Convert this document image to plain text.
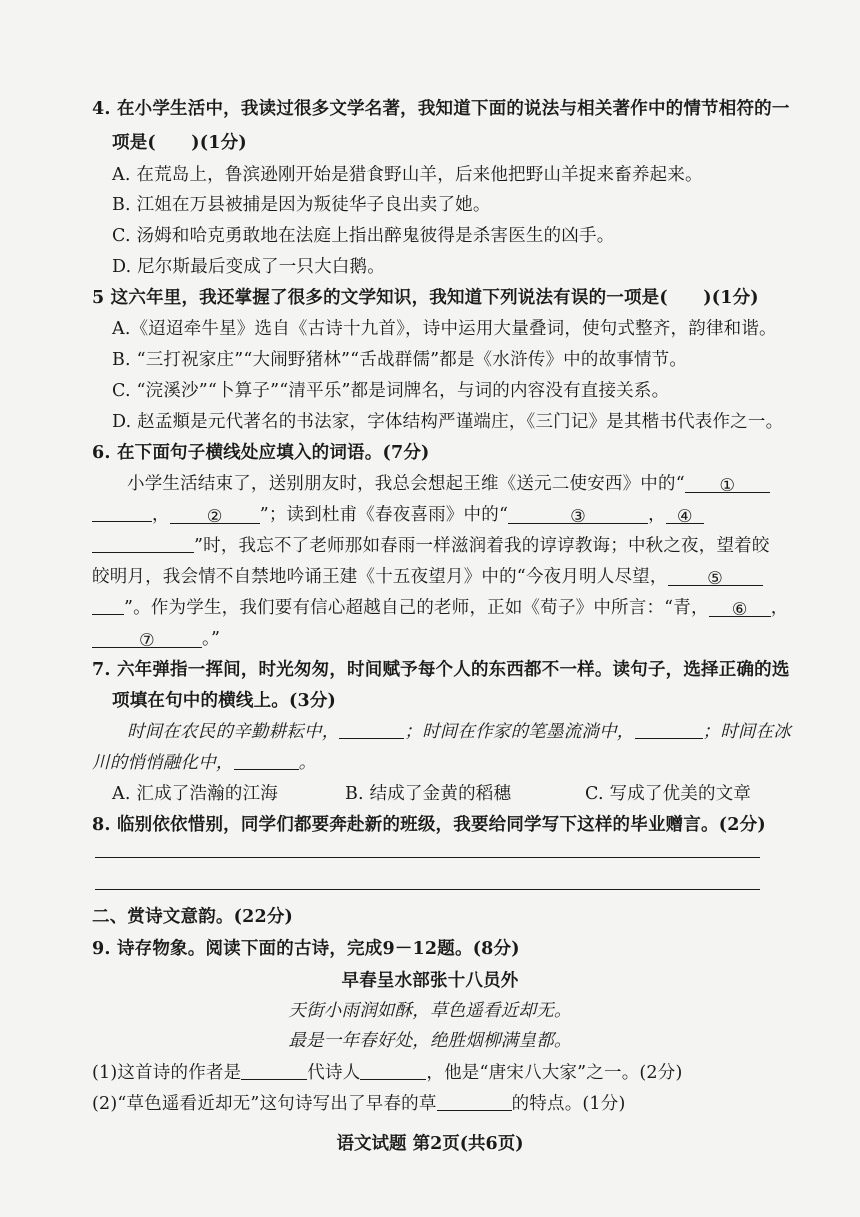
4. 在小学生活中，我读过很多文学名著，我知道下面的说法与相关著作中的情节相符的一
项是(　　)(1分)
A. 在荒岛上，鲁滨逊刚开始是猎食野山羊，后来他把野山羊捉来畜养起来。
B. 江姐在万县被捕是因为叛徒华子良出卖了她。
C. 汤姆和哈克勇敢地在法庭上指出醉鬼彼得是杀害医生的凶手。
D. 尼尔斯最后变成了一只大白鹅。
5 这六年里，我还掌握了很多的文学知识，我知道下列说法有误的一项是(　　)(1分)
A.《迢迢牵牛星》选自《古诗十九首》，诗中运用大量叠词，使句式整齐，韵律和谐。
B. “三打祝家庄”“大闹野猪林”“舌战群儒”都是《水浒传》中的故事情节。
C. “浣溪沙”“卜算子”“清平乐”都是词牌名，与词的内容没有直接关系。
D. 赵孟頫是元代著名的书法家，字体结构严谨端庄，《三门记》是其楷书代表作之一。
6. 在下面句子横线处应填入的词语。(7分)
小学生活结束了，送别朋友时，我总会想起王维《送元二使安西》中的“ ①
， ② ”；读到杜甫《春夜喜雨》中的“	③	， ④
”时，我忘不了老师那如春雨一样滋润着我的谆谆教诲；中秋之夜，望着皎
皎明月，我会情不自禁地吟诵王建《十五夜望月》中的“今夜月明人尽望， ⑤
”。作为学生，我们要有信心超越自己的老师，正如《荀子》中所言：“青， ⑥ ，
⑦	。”
7. 六年弹指一挥间，时光匆匆，时间赋予每个人的东西都不一样。读句子，选择正确的选
项填在句中的横线上。(3分)
时间在农民的辛勤耕耘中，	；时间在作家的笔墨流淌中，	；时间在冰
川的悄悄融化中，	。
A. 汇成了浩瀚的江海	B. 结成了金黄的稻穗	C. 写成了优美的文章
8. 临别依依惜别，同学们都要奔赴新的班级，我要给同学写下这样的毕业赠言。(2分)
二、赏诗文意韵。(22分)
9. 诗存物象。阅读下面的古诗，完成9－12题。(8分)
早春呈水部张十八员外
天街小雨润如酥，草色遥看近却无。
最是一年春好处，绝胜烟柳满皇都。
(1)这首诗的作者是	代诗人	，他是“唐宋八大家”之一。(2分)
(2)“草色遥看近却无”这句诗写出了早春的草	的特点。(1分)
语文试题 第2页(共6页)
